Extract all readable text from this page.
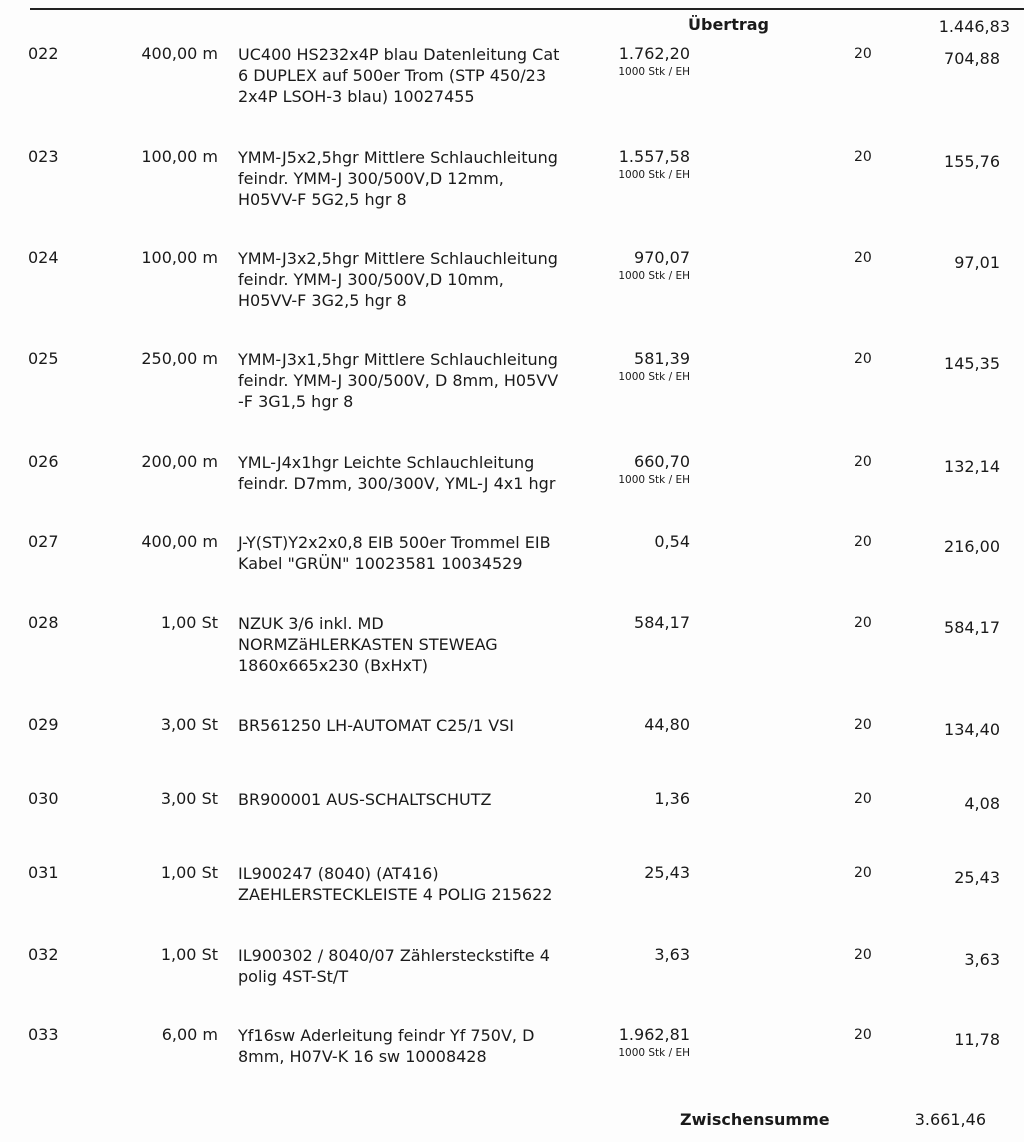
Übertrag	1.446,83
022	400,00 m UC400 HS232x4P blau Datenleitung Cat
6 DUPLEX auf 500er Trom (STP 450/23
2x4P LSOH-3 blau) 10027455
1.762,20
1000 Stk / EH
20	704,88
023	100,00 m YMM-J5x2,5hgr Mittlere Schlauchleitung
feindr. YMM-J 300/500V,D 12mm,
H05VV-F 5G2,5 hgr 8
1.557,58
1000 Stk / EH
20	155,76
024	100,00 m YMM-J3x2,5hgr Mittlere Schlauchleitung
feindr. YMM-J 300/500V,D 10mm,
H05VV-F 3G2,5 hgr 8
970,07
1000 Stk / EH
20	97,01
025	250,00 m YMM-J3x1,5hgr Mittlere Schlauchleitung
feindr. YMM-J 300/500V, D 8mm, H05VV
-F 3G1,5 hgr 8
581,39
1000 Stk / EH
20	145,35
026	200,00 m YML-J4x1hgr Leichte Schlauchleitung
feindr. D7mm, 300/300V, YML-J 4x1 hgr
660,70
1000 Stk / EH
20	132,14
027	400,00 m J-Y(ST)Y2x2x0,8 EIB 500er Trommel EIB
Kabel "GRÜN" 10023581 10034529
0,54	20	216,00
028	1,00 St NZUK 3/6 inkl. MD
NORMZäHLERKASTEN STEWEAG
1860x665x230 (BxHxT)
584,17	20	584,17
029	3,00 St BR561250 LH-AUTOMAT C25/1 VSI	44,80	20	134,40
030	3,00 St BR900001 AUS-SCHALTSCHUTZ	1,36	20	4,08
031	1,00 St IL900247 (8040) (AT416)
ZAEHLERSTECKLEISTE 4 POLIG 215622
25,43	20	25,43
032	1,00 St IL900302 / 8040/07 Zählersteckstifte 4
polig 4ST-St/T
3,63	20	3,63
033	6,00 m Yf16sw Aderleitung feindr Yf 750V, D
8mm, H07V-K 16 sw 10008428
1.962,81
1000 Stk / EH
20	11,78
Zwischensumme	3.661,46
